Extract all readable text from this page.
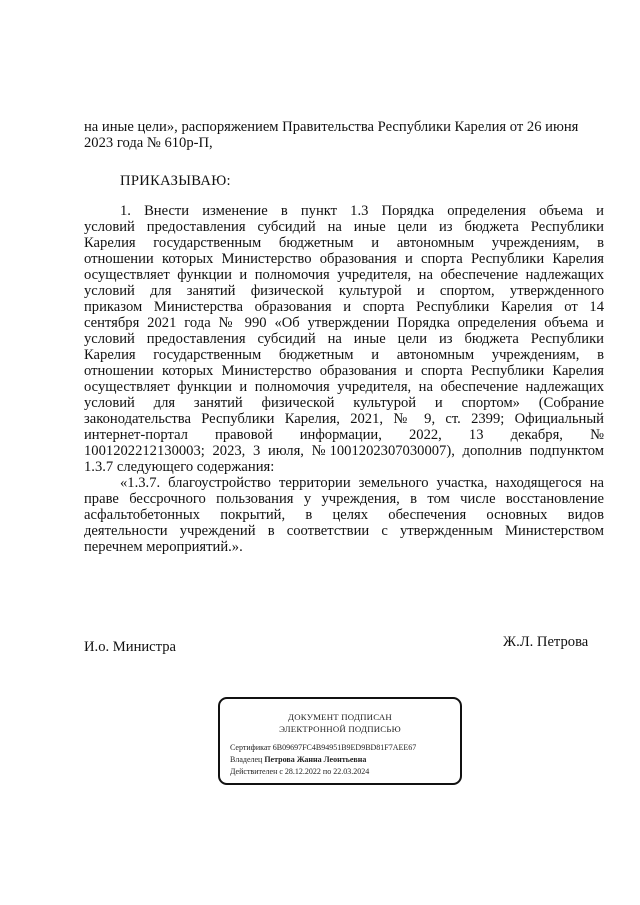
на иные цели», распоряжением Правительства Республики Карелия от 26 июня
2023 года № 610р-П,
ПРИКАЗЫВАЮ:
1. Внести изменение в пункт 1.3 Порядка определения объема и
условий предоставления субсидий на иные цели из бюджета Республики
Карелия государственным бюджетным и автономным учреждениям, в
отношении которых Министерство образования и спорта Республики Карелия
осуществляет функции и полномочия учредителя, на обеспечение надлежащих
условий для занятий физической культурой и спортом, утвержденного
приказом Министерства образования и спорта Республики Карелия от 14
сентября 2021 года № 990 «Об утверждении Порядка определения объема и
условий предоставления субсидий на иные цели из бюджета Республики
Карелия государственным бюджетным и автономным учреждениям, в
отношении которых Министерство образования и спорта Республики Карелия
осуществляет функции и полномочия учредителя, на обеспечение надлежащих
условий для занятий физической культурой и спортом» (Собрание
законодательства Республики Карелия, 2021, № 9, ст. 2399; Официальный
интернет-портал правовой информации, 2022, 13 декабря, №
1001202212130003; 2023, 3 июля, №1001202307030007), дополнив подпунктом
1.3.7 следующего содержания:
«1.3.7. благоустройство территории земельного участка, находящегося на
праве бессрочного пользования у учреждения, в том числе восстановление
асфальтобетонных покрытий, в целях обеспечения основных видов
деятельности учреждений в соответствии с утвержденным Министерством
перечнем мероприятий.».
И.о. Министра	Ж.Л. Петрова
ДОКУМЕНТ ПОДПИСАН
ЭЛЕКТРОННОЙ ПОДПИСЬЮ
Сертификат 6B09697FC4B94951B9ED9BD81F7AEE67
Владелец Петрова Жанна Леонтьевна
Действителен с 28.12.2022 по 22.03.2024
